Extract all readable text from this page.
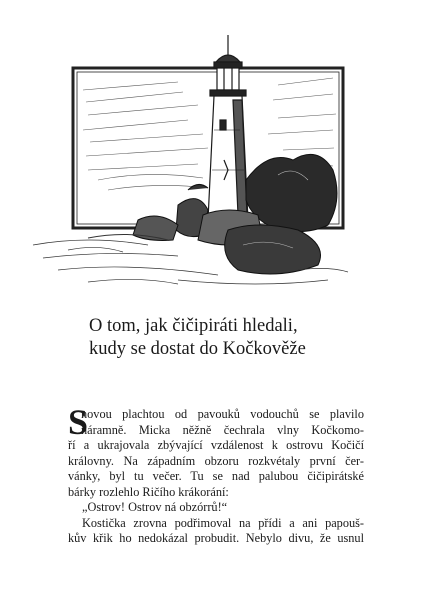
O tom, jak čičipiráti hledali,
kudy se dostat do Kočkověže
S
novou plachtou od pavouků vodouchů se plavilo
náramně. Micka něžně čechrala vlny Kočkomo-
ří a ukrajovala zbývající vzdálenost k ostrovu Kočičí
královny. Na západním obzoru rozkvétaly první čer-
vánky, byl tu večer. Tu se nad palubou čičipirátské
bárky rozlehlo Ričího krákorání:
„Ostrov! Ostrov ná obzórrů!“
Kostička zrovna podřimoval na přídi a ani papouš-
kův křik ho nedokázal probudit. Nebylo divu, že usnul
